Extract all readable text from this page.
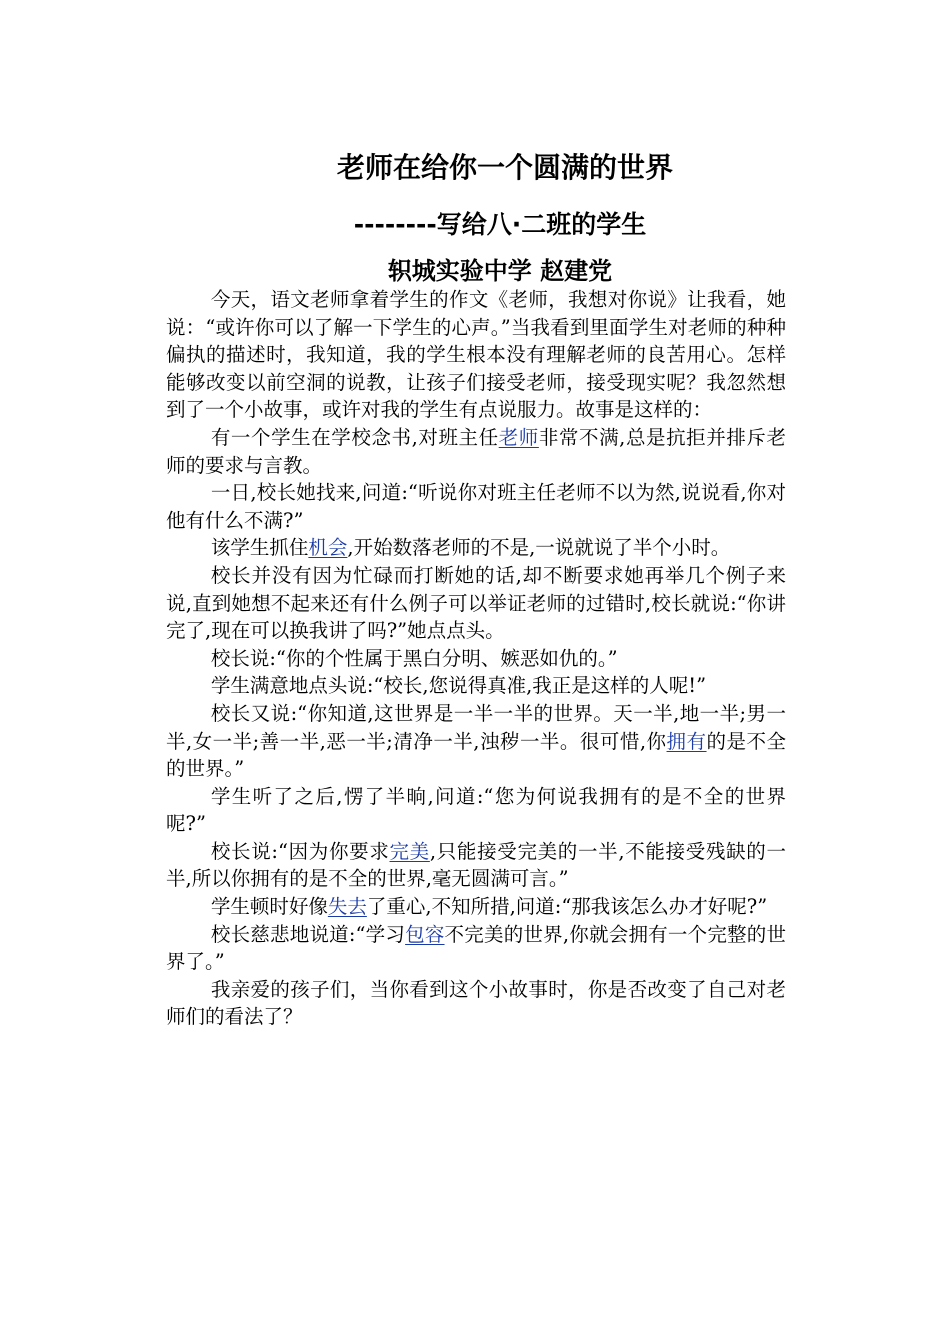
老师在给你一个圆满的世界
--------写给八·二班的学生
轵城实验中学 赵建党

今天，语文老师拿着学生的作文《老师，我想对你说》让我看，她说：“或许你可以了解一下学生的心声。”当我看到里面学生对老师的种种偏执的描述时，我知道，我的学生根本没有理解老师的良苦用心。怎样能够改变以前空洞的说教，让孩子们接受老师，接受现实呢？我忽然想到了一个小故事，或许对我的学生有点说服力。故事是这样的：

有一个学生在学校念书,对班主任老师非常不满,总是抗拒并排斥老师的要求与言教。

一日,校长她找来,问道:“听说你对班主任老师不以为然,说说看,你对他有什么不满?”

该学生抓住机会,开始数落老师的不是,一说就说了半个小时。

校长并没有因为忙碌而打断她的话,却不断要求她再举几个例子来说,直到她想不起来还有什么例子可以举证老师的过错时,校长就说:“你讲完了,现在可以换我讲了吗?”她点点头。

校长说:“你的个性属于黑白分明、嫉恶如仇的。”

学生满意地点头说:“校长,您说得真准,我正是这样的人呢!”

校长又说:“你知道,这世界是一半一半的世界。天一半,地一半;男一半,女一半;善一半,恶一半;清净一半,浊秽一半。很可惜,你拥有的是不全的世界。”

学生听了之后,愣了半晌,问道:“您为何说我拥有的是不全的世界呢?”

校长说:“因为你要求完美,只能接受完美的一半,不能接受残缺的一半,所以你拥有的是不全的世界,毫无圆满可言。”

学生顿时好像失去了重心,不知所措,问道:“那我该怎么办才好呢?”

校长慈悲地说道:“学习包容不完美的世界,你就会拥有一个完整的世界了。”

我亲爱的孩子们，当你看到这个小故事时，你是否改变了自己对老师们的看法了？
